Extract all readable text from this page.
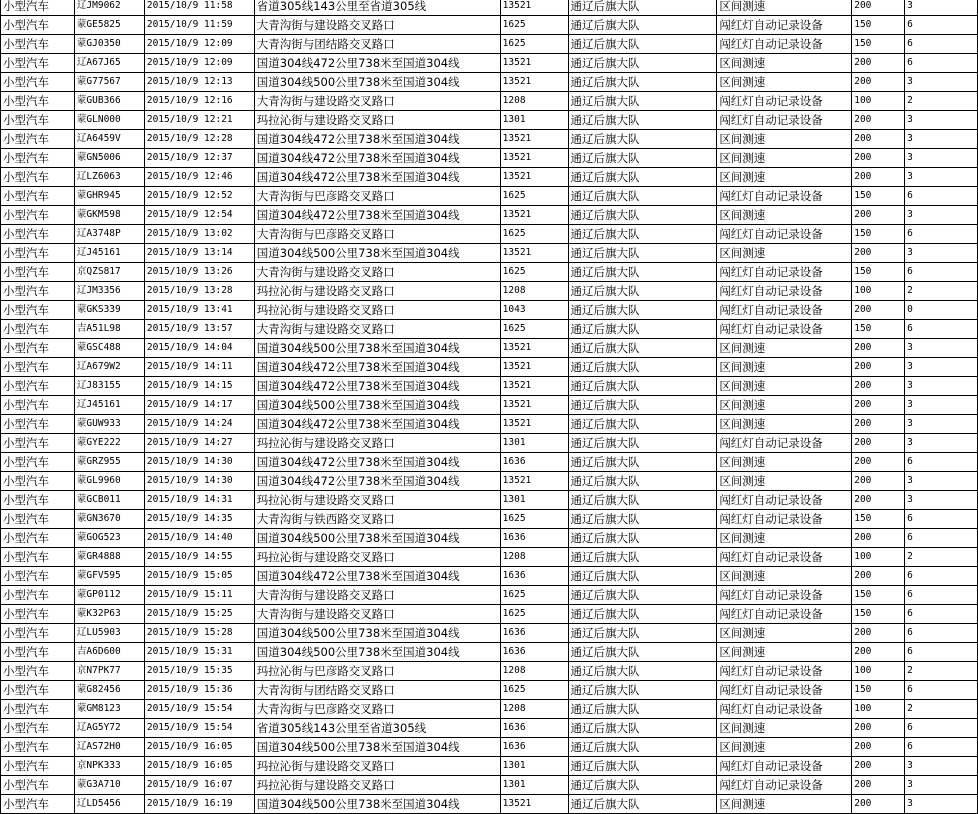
小型汽车	辽JM9062	2015/10/9 11:58	省道305线143公里至省道305线	13521	通辽后旗大队	区间测速	200	3
小型汽车	蒙GE5825	2015/10/9 11:59	大青沟街与建设路交叉路口	1625	通辽后旗大队	闯红灯自动记录设备	150	6
小型汽车	蒙GJ0350	2015/10/9 12:09	大青沟街与团结路交叉路口	1625	通辽后旗大队	闯红灯自动记录设备	150	6
小型汽车	辽A67J65	2015/10/9 12:09	国道304线472公里738米至国道304线	13521	通辽后旗大队	区间测速	200	6
小型汽车	蒙G77567	2015/10/9 12:13	国道304线500公里738米至国道304线	13521	通辽后旗大队	区间测速	200	3
小型汽车	蒙GUB366	2015/10/9 12:16	大青沟街与建设路交叉路口	1208	通辽后旗大队	闯红灯自动记录设备	100	2
小型汽车	蒙GLN000	2015/10/9 12:21	玛拉沁街与建设路交叉路口	1301	通辽后旗大队	闯红灯自动记录设备	200	3
小型汽车	辽A6459V	2015/10/9 12:28	国道304线472公里738米至国道304线	13521	通辽后旗大队	区间测速	200	3
小型汽车	蒙GN5006	2015/10/9 12:37	国道304线472公里738米至国道304线	13521	通辽后旗大队	区间测速	200	3
小型汽车	辽LZ6063	2015/10/9 12:46	国道304线472公里738米至国道304线	13521	通辽后旗大队	区间测速	200	3
小型汽车	蒙GHR945	2015/10/9 12:52	大青沟街与巴彦路交叉路口	1625	通辽后旗大队	闯红灯自动记录设备	150	6
小型汽车	蒙GKM598	2015/10/9 12:54	国道304线472公里738米至国道304线	13521	通辽后旗大队	区间测速	200	3
小型汽车	辽A3748P	2015/10/9 13:02	大青沟街与巴彦路交叉路口	1625	通辽后旗大队	闯红灯自动记录设备	150	6
小型汽车	辽J45161	2015/10/9 13:14	国道304线500公里738米至国道304线	13521	通辽后旗大队	区间测速	200	3
小型汽车	京QZS817	2015/10/9 13:26	大青沟街与建设路交叉路口	1625	通辽后旗大队	闯红灯自动记录设备	150	6
小型汽车	辽JM3356	2015/10/9 13:28	玛拉沁街与建设路交叉路口	1208	通辽后旗大队	闯红灯自动记录设备	100	2
小型汽车	蒙GKS339	2015/10/9 13:41	玛拉沁街与建设路交叉路口	1043	通辽后旗大队	闯红灯自动记录设备	200	0
小型汽车	吉A51L98	2015/10/9 13:57	大青沟街与建设路交叉路口	1625	通辽后旗大队	闯红灯自动记录设备	150	6
小型汽车	蒙GSC488	2015/10/9 14:04	国道304线500公里738米至国道304线	13521	通辽后旗大队	区间测速	200	3
小型汽车	辽A679W2	2015/10/9 14:11	国道304线472公里738米至国道304线	13521	通辽后旗大队	区间测速	200	3
小型汽车	辽J83155	2015/10/9 14:15	国道304线472公里738米至国道304线	13521	通辽后旗大队	区间测速	200	3
小型汽车	辽J45161	2015/10/9 14:17	国道304线500公里738米至国道304线	13521	通辽后旗大队	区间测速	200	3
小型汽车	蒙GUW933	2015/10/9 14:24	国道304线472公里738米至国道304线	13521	通辽后旗大队	区间测速	200	3
小型汽车	蒙GYE222	2015/10/9 14:27	玛拉沁街与建设路交叉路口	1301	通辽后旗大队	闯红灯自动记录设备	200	3
小型汽车	蒙GRZ955	2015/10/9 14:30	国道304线472公里738米至国道304线	1636	通辽后旗大队	区间测速	200	6
小型汽车	蒙GL9960	2015/10/9 14:30	国道304线472公里738米至国道304线	13521	通辽后旗大队	区间测速	200	3
小型汽车	蒙GCB011	2015/10/9 14:31	玛拉沁街与建设路交叉路口	1301	通辽后旗大队	闯红灯自动记录设备	200	3
小型汽车	蒙GN3670	2015/10/9 14:35	大青沟街与铁西路交叉路口	1625	通辽后旗大队	闯红灯自动记录设备	150	6
小型汽车	蒙GOG523	2015/10/9 14:40	国道304线500公里738米至国道304线	1636	通辽后旗大队	区间测速	200	6
小型汽车	蒙GR4888	2015/10/9 14:55	玛拉沁街与建设路交叉路口	1208	通辽后旗大队	闯红灯自动记录设备	100	2
小型汽车	蒙GFV595	2015/10/9 15:05	国道304线472公里738米至国道304线	1636	通辽后旗大队	区间测速	200	6
小型汽车	蒙GP0112	2015/10/9 15:11	大青沟街与建设路交叉路口	1625	通辽后旗大队	闯红灯自动记录设备	150	6
小型汽车	蒙K32P63	2015/10/9 15:25	大青沟街与建设路交叉路口	1625	通辽后旗大队	闯红灯自动记录设备	150	6
小型汽车	辽LU5903	2015/10/9 15:28	国道304线500公里738米至国道304线	1636	通辽后旗大队	区间测速	200	6
小型汽车	吉A6D600	2015/10/9 15:31	国道304线500公里738米至国道304线	1636	通辽后旗大队	区间测速	200	6
小型汽车	京N7PK77	2015/10/9 15:35	玛拉沁街与巴彦路交叉路口	1208	通辽后旗大队	闯红灯自动记录设备	100	2
小型汽车	蒙G82456	2015/10/9 15:36	大青沟街与团结路交叉路口	1625	通辽后旗大队	闯红灯自动记录设备	150	6
小型汽车	蒙GM8123	2015/10/9 15:54	大青沟街与巴彦路交叉路口	1208	通辽后旗大队	闯红灯自动记录设备	100	2
小型汽车	辽AG5Y72	2015/10/9 15:54	省道305线143公里至省道305线	1636	通辽后旗大队	区间测速	200	6
小型汽车	辽AS72H0	2015/10/9 16:05	国道304线500公里738米至国道304线	1636	通辽后旗大队	区间测速	200	6
小型汽车	京NPK333	2015/10/9 16:05	玛拉沁街与建设路交叉路口	1301	通辽后旗大队	闯红灯自动记录设备	200	3
小型汽车	蒙G3A710	2015/10/9 16:07	玛拉沁街与建设路交叉路口	1301	通辽后旗大队	闯红灯自动记录设备	200	3
小型汽车	辽LD5456	2015/10/9 16:19	国道304线500公里738米至国道304线	13521	通辽后旗大队	区间测速	200	3
